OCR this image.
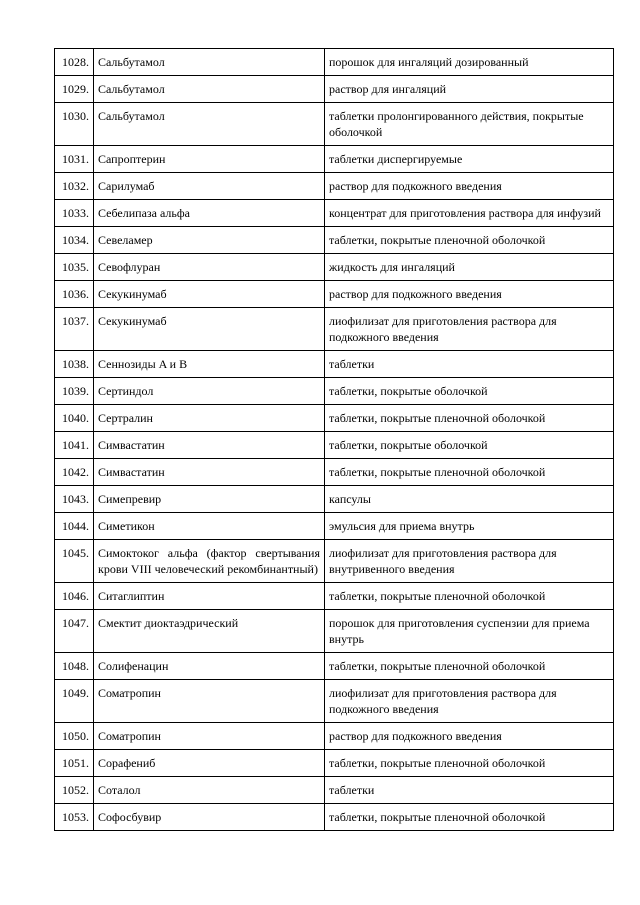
1028.	Сальбутамол	порошок для ингаляций дозированный
1029.	Сальбутамол	раствор для ингаляций
1030.	Сальбутамол	таблетки пролонгированного действия, покрытые оболочкой
1031.	Сапроптерин	таблетки диспергируемые
1032.	Сарилумаб	раствор для подкожного введения
1033.	Себелипаза альфа	концентрат для приготовления раствора для инфузий
1034.	Севеламер	таблетки, покрытые пленочной оболочкой
1035.	Севофлуран	жидкость для ингаляций
1036.	Секукинумаб	раствор для подкожного введения
1037.	Секукинумаб	лиофилизат для приготовления раствора для подкожного введения
1038.	Сеннозиды A и B	таблетки
1039.	Сертиндол	таблетки, покрытые оболочкой
1040.	Сертралин	таблетки, покрытые пленочной оболочкой
1041.	Симвастатин	таблетки, покрытые оболочкой
1042.	Симвастатин	таблетки, покрытые пленочной оболочкой
1043.	Симепревир	капсулы
1044.	Симетикон	эмульсия для приема внутрь
1045.	Симоктоког альфа (фактор свертывания крови VIII человеческий рекомбинантный)	лиофилизат для приготовления раствора для внутривенного введения
1046.	Ситаглиптин	таблетки, покрытые пленочной оболочкой
1047.	Смектит диоктаэдрический	порошок для приготовления суспензии для приема внутрь
1048.	Солифенацин	таблетки, покрытые пленочной оболочкой
1049.	Соматропин	лиофилизат для приготовления раствора для подкожного введения
1050.	Соматропин	раствор для подкожного введения
1051.	Сорафениб	таблетки, покрытые пленочной оболочкой
1052.	Соталол	таблетки
1053.	Софосбувир	таблетки, покрытые пленочной оболочкой
